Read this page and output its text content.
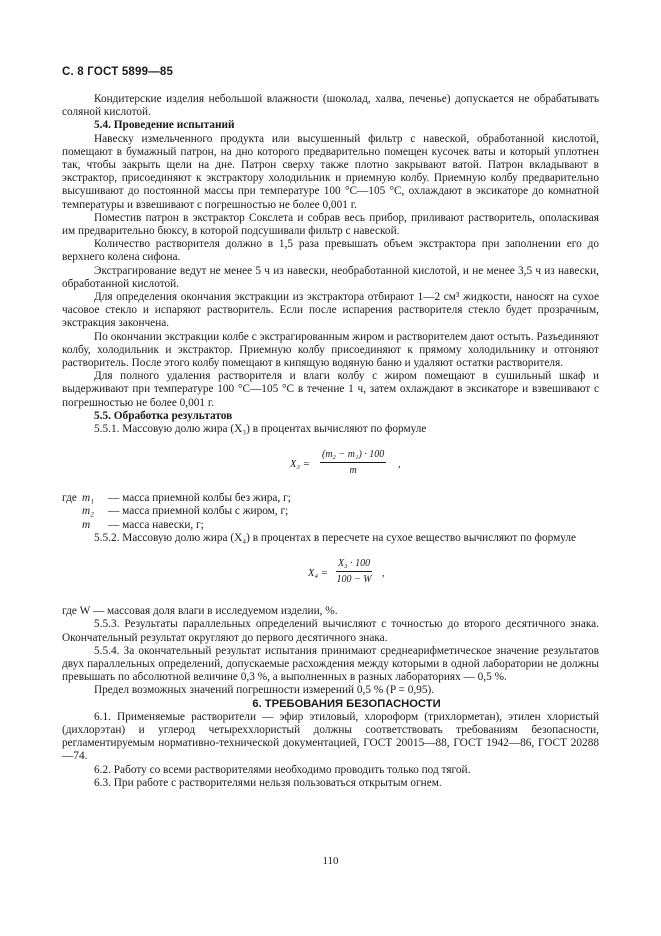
С. 8 ГОСТ 5899—85

Кондитерские изделия небольшой влажности (шоколад, халва, печенье) допускается не обрабатывать соляной кислотой.

5.4. Проведение испытаний

Навеску измельченного продукта или высушенный фильтр с навеской, обработанной кислотой, помещают в бумажный патрон, на дно которого предварительно помещен кусочек ваты и который уплотнен так, чтобы закрыть щели на дне. Патрон сверху также плотно закрывают ватой. Патрон вкладывают в экстрактор, присоединяют к экстрактору холодильник и приемную колбу. Приемную колбу предварительно высушивают до постоянной массы при температуре 100 °С—105 °С, охлаждают в эксикаторе до комнатной температуры и взвешивают с погрешностью не более 0,001 г.

Поместив патрон в экстрактор Сокслета и собрав весь прибор, приливают растворитель, ополаскивая им предварительно бюксу, в которой подсушивали фильтр с навеской.

Количество растворителя должно в 1,5 раза превышать объем экстрактора при заполнении его до верхнего колена сифона.

Экстрагирование ведут не менее 5 ч из навески, необработанной кислотой, и не менее 3,5 ч из навески, обработанной кислотой.

Для определения окончания экстракции из экстрактора отбирают 1—2 см³ жидкости, наносят на сухое часовое стекло и испаряют растворитель. Если после испарения растворителя стекло будет прозрачным, экстракция закончена.

По окончании экстракции колбе с экстрагированным жиром и растворителем дают остыть. Разъединяют колбу, холодильник и экстрактор. Приемную колбу присоединяют к прямому холодильнику и отгоняют растворитель. После этого колбу помещают в кипящую водяную баню и удаляют остатки растворителя.

Для полного удаления растворителя и влаги колбу с жиром помещают в сушильный шкаф и выдерживают при температуре 100 °С—105 °С в течение 1 ч, затем охлаждают в эксикаторе и взвешивают с погрешностью не более 0,001 г.

5.5. Обработка результатов

5.5.1. Массовую долю жира (X₃) в процентах вычисляют по формуле

$X_3 = \frac{\text{(m₂ − m₁) · 100}}{m}$ ,
где m₁	— масса приемной колбы без жира, г;
m₂	— масса приемной колбы с жиром, г;
m	— масса навески, г;

5.5.2. Массовую долю жира (X₄) в процентах в пересчете на сухое вещество вычисляют по формуле

$X_4 = \frac{\text{X₃ · 100}}{100 - W}$ ,

где W — массовая доля влаги в исследуемом изделии, %.

5.5.3. Результаты параллельных определений вычисляют с точностью до второго десятичного знака. Окончательный результат округляют до первого десятичного знака.

5.5.4. За окончательный результат испытания принимают среднеарифметическое значение результатов двух параллельных определений, допускаемые расхождения между которыми в одной лаборатории не должны превышать по абсолютной величине 0,3 %, а выполненных в разных лабораториях — 0,5 %.

Предел возможных значений погрешности измерений 0,5 % (P = 0,95).

6. ТРЕБОВАНИЯ БЕЗОПАСНОСТИ

6.1. Применяемые растворители — эфир этиловый, хлороформ (трихлорметан), этилен хлористый (дихлорэтан) и углерод четыреххлористый должны соответствовать требованиям безопасности, регламентируемым нормативно-технической документацией, ГОСТ 20015—88, ГОСТ 1942—86, ГОСТ 20288—74.

6.2. Работу со всеми растворителями необходимо проводить только под тягой.

6.3. При работе с растворителями нельзя пользоваться открытым огнем.

110
